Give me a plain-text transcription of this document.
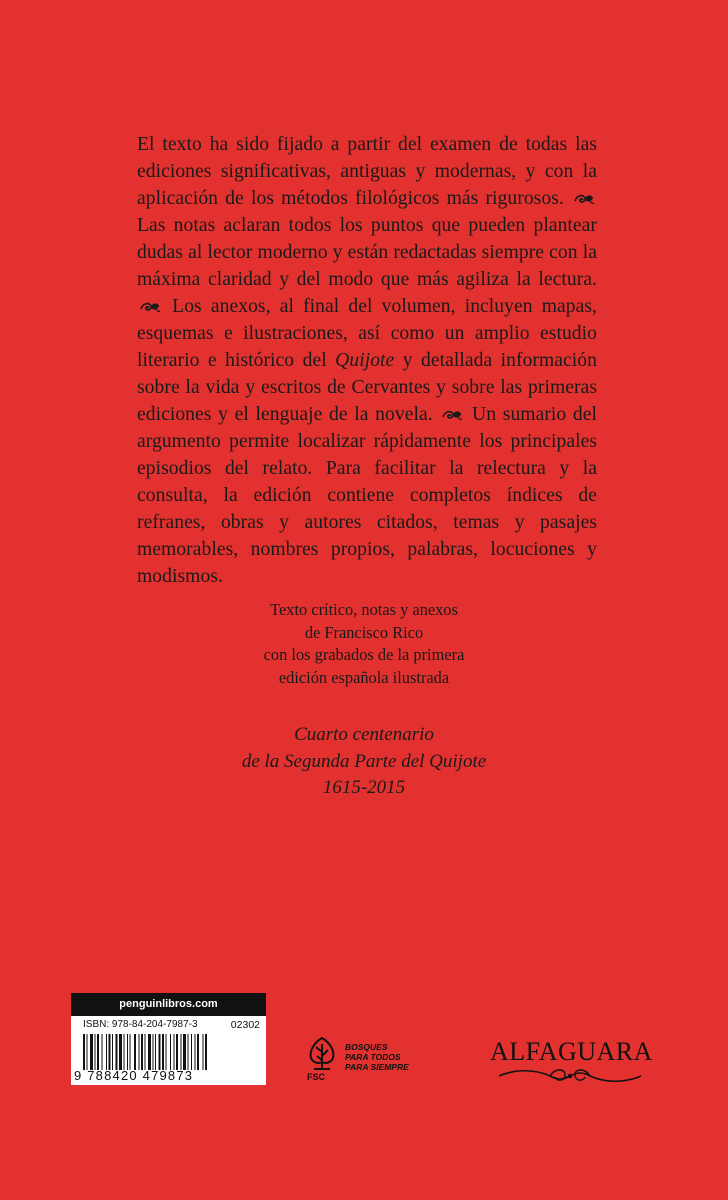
El texto ha sido fijado a partir del examen de todas las ediciones significativas, antiguas y modernas, y con la aplicación de los métodos filológicos más rigurosos.  Las notas aclaran todos los puntos que pueden plantear dudas al lector moderno y están redactadas siempre con la máxima claridad y del modo que más agiliza la lectura.  Los anexos, al final del volumen, incluyen mapas, esquemas e ilustraciones, así como un amplio estudio literario e histórico del Quijote y detallada información sobre la vida y escritos de Cervantes y sobre las primeras ediciones y el lenguaje de la novela. Un sumario del argumento permite localizar rápidamente los principales episodios del relato. Para facilitar la relectura y la consulta, la edición contiene completos índices de refranes, obras y autores citados, temas y pasajes memorables, nombres propios, palabras, locuciones y modismos.
Texto crítico, notas y anexos
de Francisco Rico
con los grabados de la primera
edición española ilustrada
Cuarto centenario
de la Segunda Parte del Quijote
1615-2015
penguinlibros.com
ISBN: 978-84-204-7987-3	02302
9 788420 479873	FSC
BOSQUES
PARA TODOS
PARA SIEMPRE
ALFAGUARA
